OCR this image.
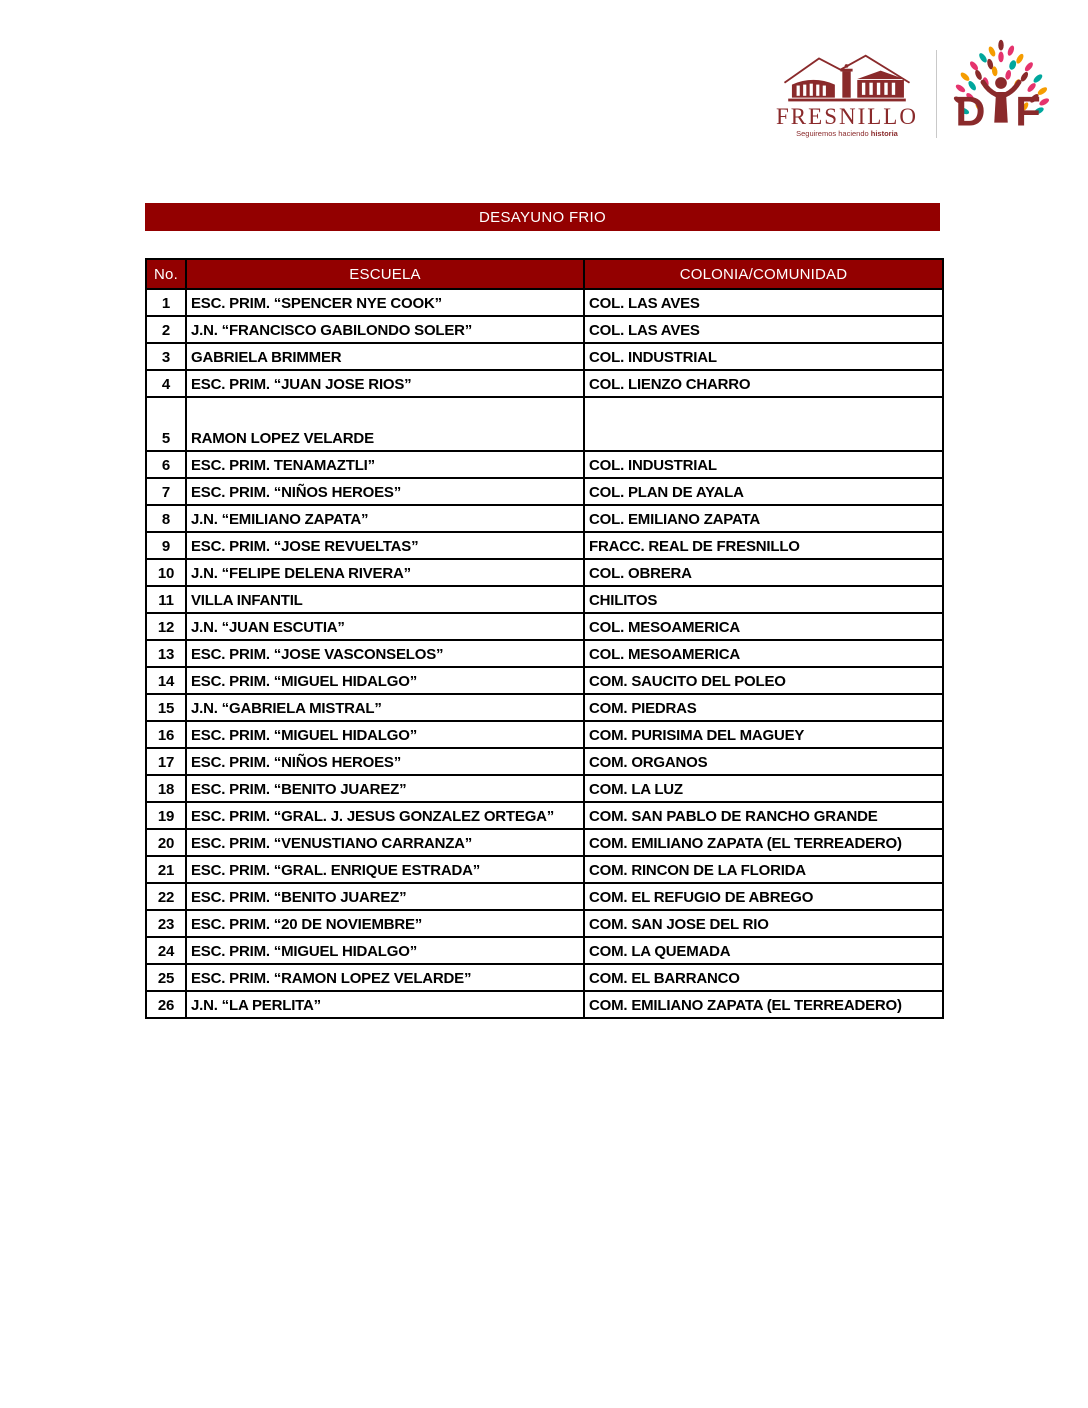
FRESNILLO
Seguiremos haciendo historia	D F
DESAYUNO FRIO
No.	ESCUELA	COLONIA/COMUNIDAD
1	ESC. PRIM. “SPENCER NYE COOK”	COL. LAS AVES
2	J.N. “FRANCISCO GABILONDO SOLER”	COL. LAS AVES
3	GABRIELA BRIMMER	COL. INDUSTRIAL
4	ESC. PRIM. “JUAN JOSE RIOS”	COL. LIENZO CHARRO
5	RAMON LOPEZ VELARDE	
6	ESC. PRIM. TENAMAZTLI”	COL. INDUSTRIAL
7	ESC. PRIM. “NIÑOS HEROES”	COL. PLAN DE AYALA
8	J.N. “EMILIANO ZAPATA”	COL. EMILIANO ZAPATA
9	ESC. PRIM. “JOSE REVUELTAS”	FRACC. REAL DE FRESNILLO
10	J.N. “FELIPE DELENA RIVERA”	COL. OBRERA
11	VILLA INFANTIL	CHILITOS
12	J.N. “JUAN ESCUTIA”	COL. MESOAMERICA
13	ESC. PRIM. “JOSE VASCONSELOS”	COL. MESOAMERICA
14	ESC. PRIM. “MIGUEL HIDALGO”	COM. SAUCITO DEL POLEO
15	J.N. “GABRIELA MISTRAL”	COM. PIEDRAS
16	ESC. PRIM. “MIGUEL HIDALGO”	COM. PURISIMA DEL MAGUEY
17	ESC. PRIM. “NIÑOS HEROES”	COM. ORGANOS
18	ESC. PRIM. “BENITO JUAREZ”	COM. LA LUZ
19	ESC. PRIM. “GRAL. J. JESUS GONZALEZ ORTEGA”	COM. SAN PABLO DE RANCHO GRANDE
20	ESC. PRIM. “VENUSTIANO CARRANZA”	COM. EMILIANO ZAPATA (EL TERREADERO)
21	ESC. PRIM. “GRAL. ENRIQUE ESTRADA”	COM. RINCON DE LA FLORIDA
22	ESC. PRIM. “BENITO JUAREZ”	COM. EL REFUGIO DE ABREGO
23	ESC. PRIM. “20 DE NOVIEMBRE”	COM. SAN JOSE DEL RIO
24	ESC. PRIM. “MIGUEL HIDALGO”	COM. LA QUEMADA
25	ESC. PRIM. “RAMON LOPEZ VELARDE”	COM. EL BARRANCO
26	J.N. “LA PERLITA”	COM. EMILIANO ZAPATA (EL TERREADERO)
